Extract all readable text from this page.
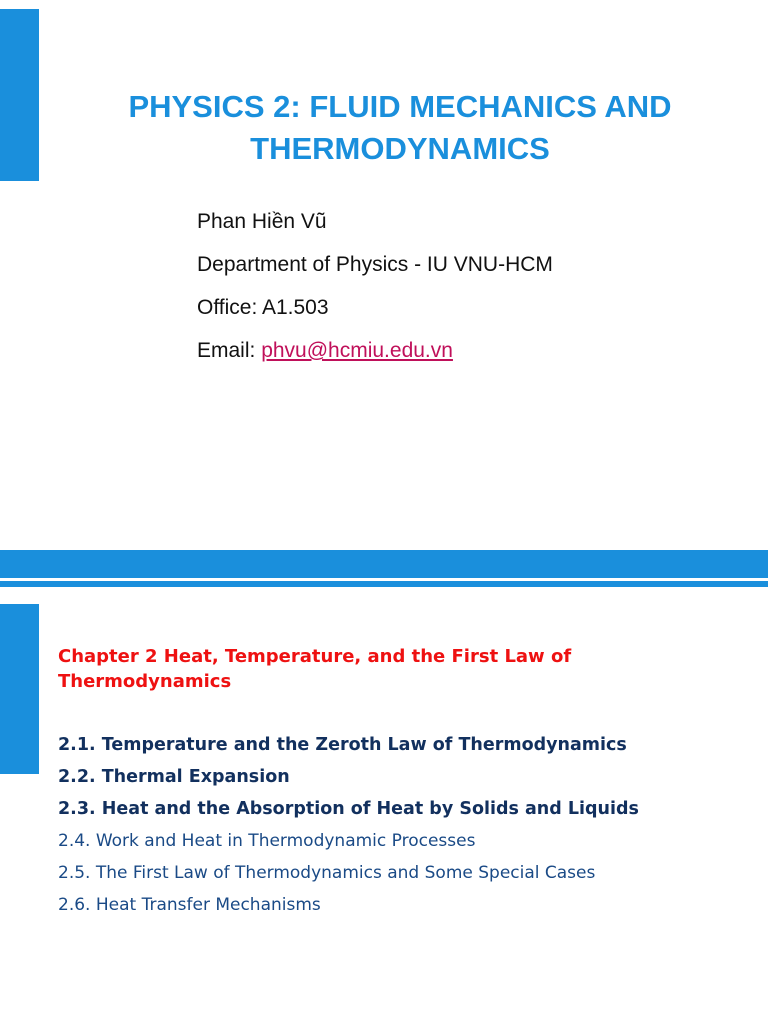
PHYSICS 2: FLUID MECHANICS AND
THERMODYNAMICS
Phan Hiền Vũ
Department of Physics - IU VNU-HCM
Office: A1.503
Email: phvu@hcmiu.edu.vn
Chapter 2 Heat, Temperature, and the First Law of
Thermodynamics
2.1. Temperature and the Zeroth Law of Thermodynamics
2.2. Thermal Expansion
2.3. Heat and the Absorption of Heat by Solids and Liquids
2.4. Work and Heat in Thermodynamic Processes
2.5. The First Law of Thermodynamics and Some Special Cases
2.6. Heat Transfer Mechanisms
